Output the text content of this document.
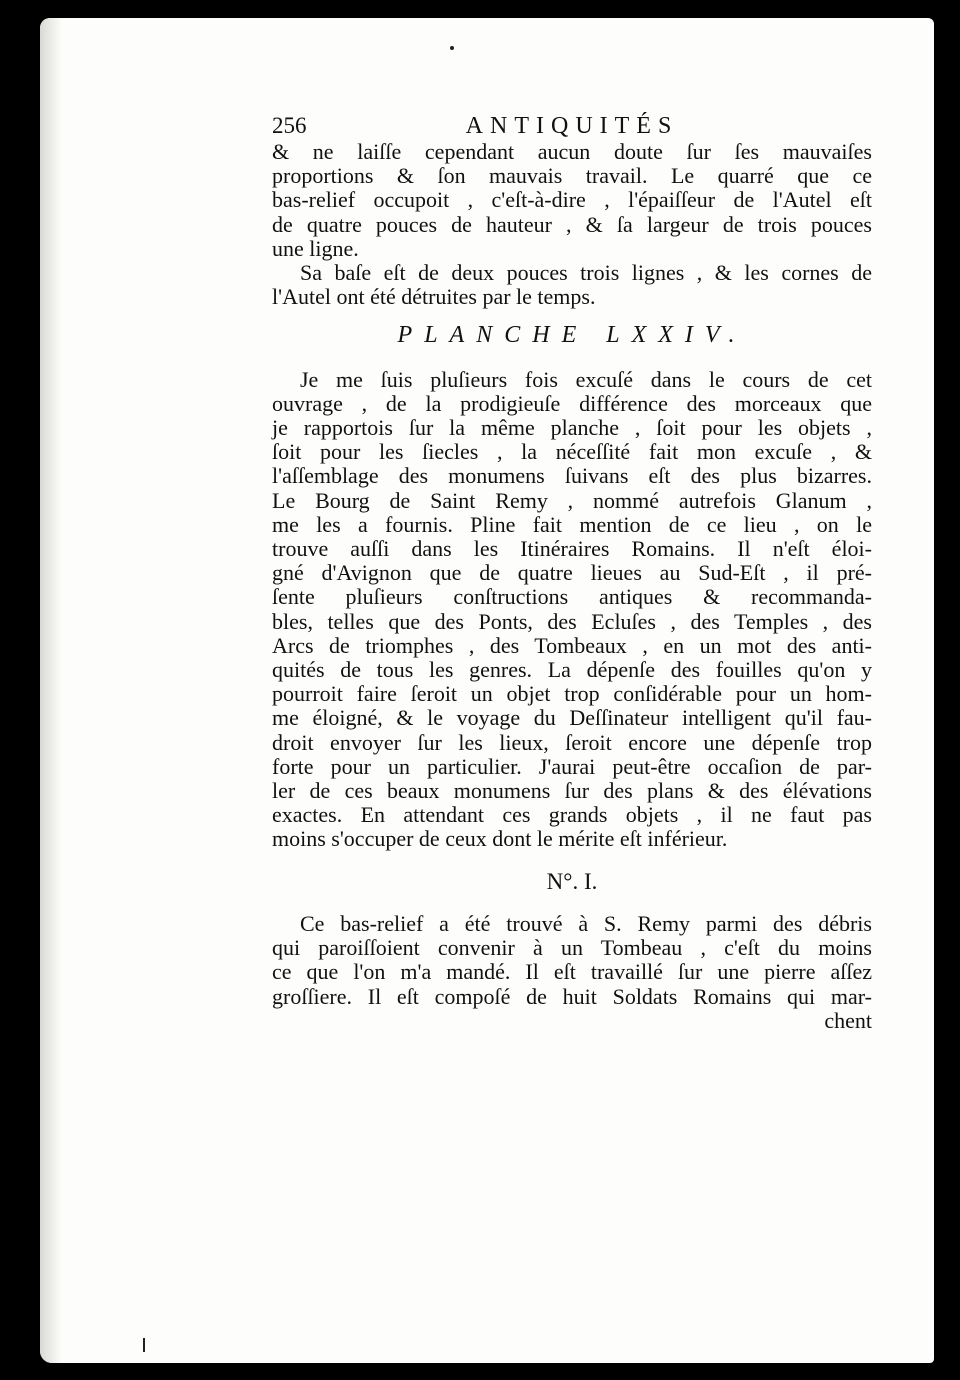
256	ANTIQUITÉS
& ne laiſſe cependant aucun doute ſur ſes mauvaiſes
proportions & ſon mauvais travail. Le quarré que ce
bas-relief occupoit , c'eſt-à-dire , l'épaiſſeur de l'Autel eſt
de quatre pouces de hauteur , & ſa largeur de trois pouces
une ligne.
Sa baſe eſt de deux pouces trois lignes , & les cornes de
l'Autel ont été détruites par le temps.
PLANCHE LXXIV.
Je me ſuis pluſieurs fois excuſé dans le cours de cet
ouvrage , de la prodigieuſe différence des morceaux que
je rapportois ſur la même planche , ſoit pour les objets ,
ſoit pour les ſiecles , la néceſſité fait mon excuſe , &
l'aſſemblage des monumens ſuivans eſt des plus bizarres.
Le Bourg de Saint Remy , nommé autrefois Glanum ,
me les a fournis. Pline fait mention de ce lieu , on le
trouve auſſi dans les Itinéraires Romains. Il n'eſt éloi-
gné d'Avignon que de quatre lieues au Sud-Eſt , il pré-
ſente pluſieurs conſtructions antiques & recommanda-
bles, telles que des Ponts, des Ecluſes , des Temples , des
Arcs de triomphes , des Tombeaux , en un mot des anti-
quités de tous les genres. La dépenſe des fouilles qu'on y
pourroit faire ſeroit un objet trop conſidérable pour un hom-
me éloigné, & le voyage du Deſſinateur intelligent qu'il fau-
droit envoyer ſur les lieux, ſeroit encore une dépenſe trop
forte pour un particulier. J'aurai peut-être occaſion de par-
ler de ces beaux monumens ſur des plans & des élévations
exactes. En attendant ces grands objets , il ne faut pas
moins s'occuper de ceux dont le mérite eſt inférieur.
N°. I.
Ce bas-relief a été trouvé à S. Remy parmi des débris
qui paroiſſoient convenir à un Tombeau , c'eſt du moins
ce que l'on m'a mandé. Il eſt travaillé ſur une pierre aſſez
groſſiere. Il eſt compoſé de huit Soldats Romains qui mar-
chent
